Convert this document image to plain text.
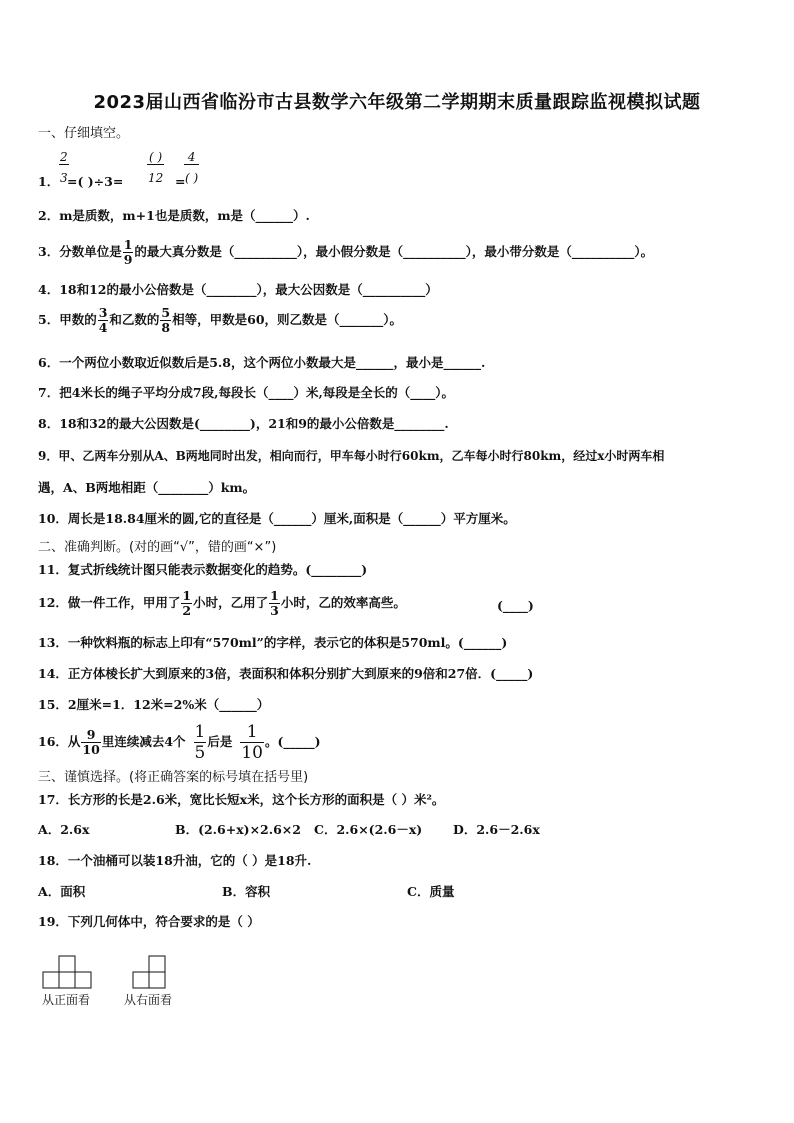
2023届山西省临汾市古县数学六年级第二学期期末质量跟踪监视模拟试题
一、仔细填空。
1． $\frac{2}{3}$
=( )÷3=
( )
12 =
4
( )
2．m是质数，m+1也是质数，m是（______）.
3．分数单位是 $\frac{1}{9}$ 的最大真分数是（__________），最小假分数是（__________），最小带分数是（__________）。
4．18和12的最小公倍数是（________），最大公因数是（__________）
5．甲数的 $\frac{3}{4}$ 和乙数的 $\frac{5}{8}$ 相等，甲数是60，则乙数是（_______）。
6．一个两位小数取近似数后是5.8，这个两位小数最大是______，最小是______.
7．把4米长的绳子平均分成7段,每段长（____）米,每段是全长的（____）。
8．18和32的最大公因数是(________)，21和9的最小公倍数是________.
9．甲、乙两车分别从A、B两地同时出发，相向而行，甲车每小时行60km，乙车每小时行80km，经过x小时两车相
遇，A、B两地相距（________）km。
10．周长是18.84厘米的圆,它的直径是（______）厘米,面积是（______）平方厘米。
二、准确判断。(对的画“√”，错的画“×”)
11．复式折线统计图只能表示数据变化的趋势。(________)
12．做一件工作，甲用了 $\frac{1}{2}$ 小时，乙用了 $\frac{1}{3}$ 小时，乙的效率高些。	(____)
13．一种饮料瓶的标志上印有“570ml”的字样，表示它的体积是570ml。(______)
14．正方体棱长扩大到原来的3倍，表面积和体积分别扩大到原来的9倍和27倍．(_____)
15．2厘米=1．12米=2%米（______）
16．从 $\frac{9}{10}$ 里连续减去4个 $\frac{1}{5}$ 后是 $\frac{1}{10}$ 。(_____)
三、谨慎选择。(将正确答案的标号填在括号里)
17．长方形的长是2.6米，宽比长短x米，这个长方形的面积是（ ）米²。
A．2.6x	B．(2.6+x)×2.6×2 C．2.6×(2.6－x) D．2.6－2.6x
18．一个油桶可以装18升油，它的（ ）是18升.
A．面积	B．容积	C．质量
19．下列几何体中，符合要求的是（ ）
从正面看	从右面看
